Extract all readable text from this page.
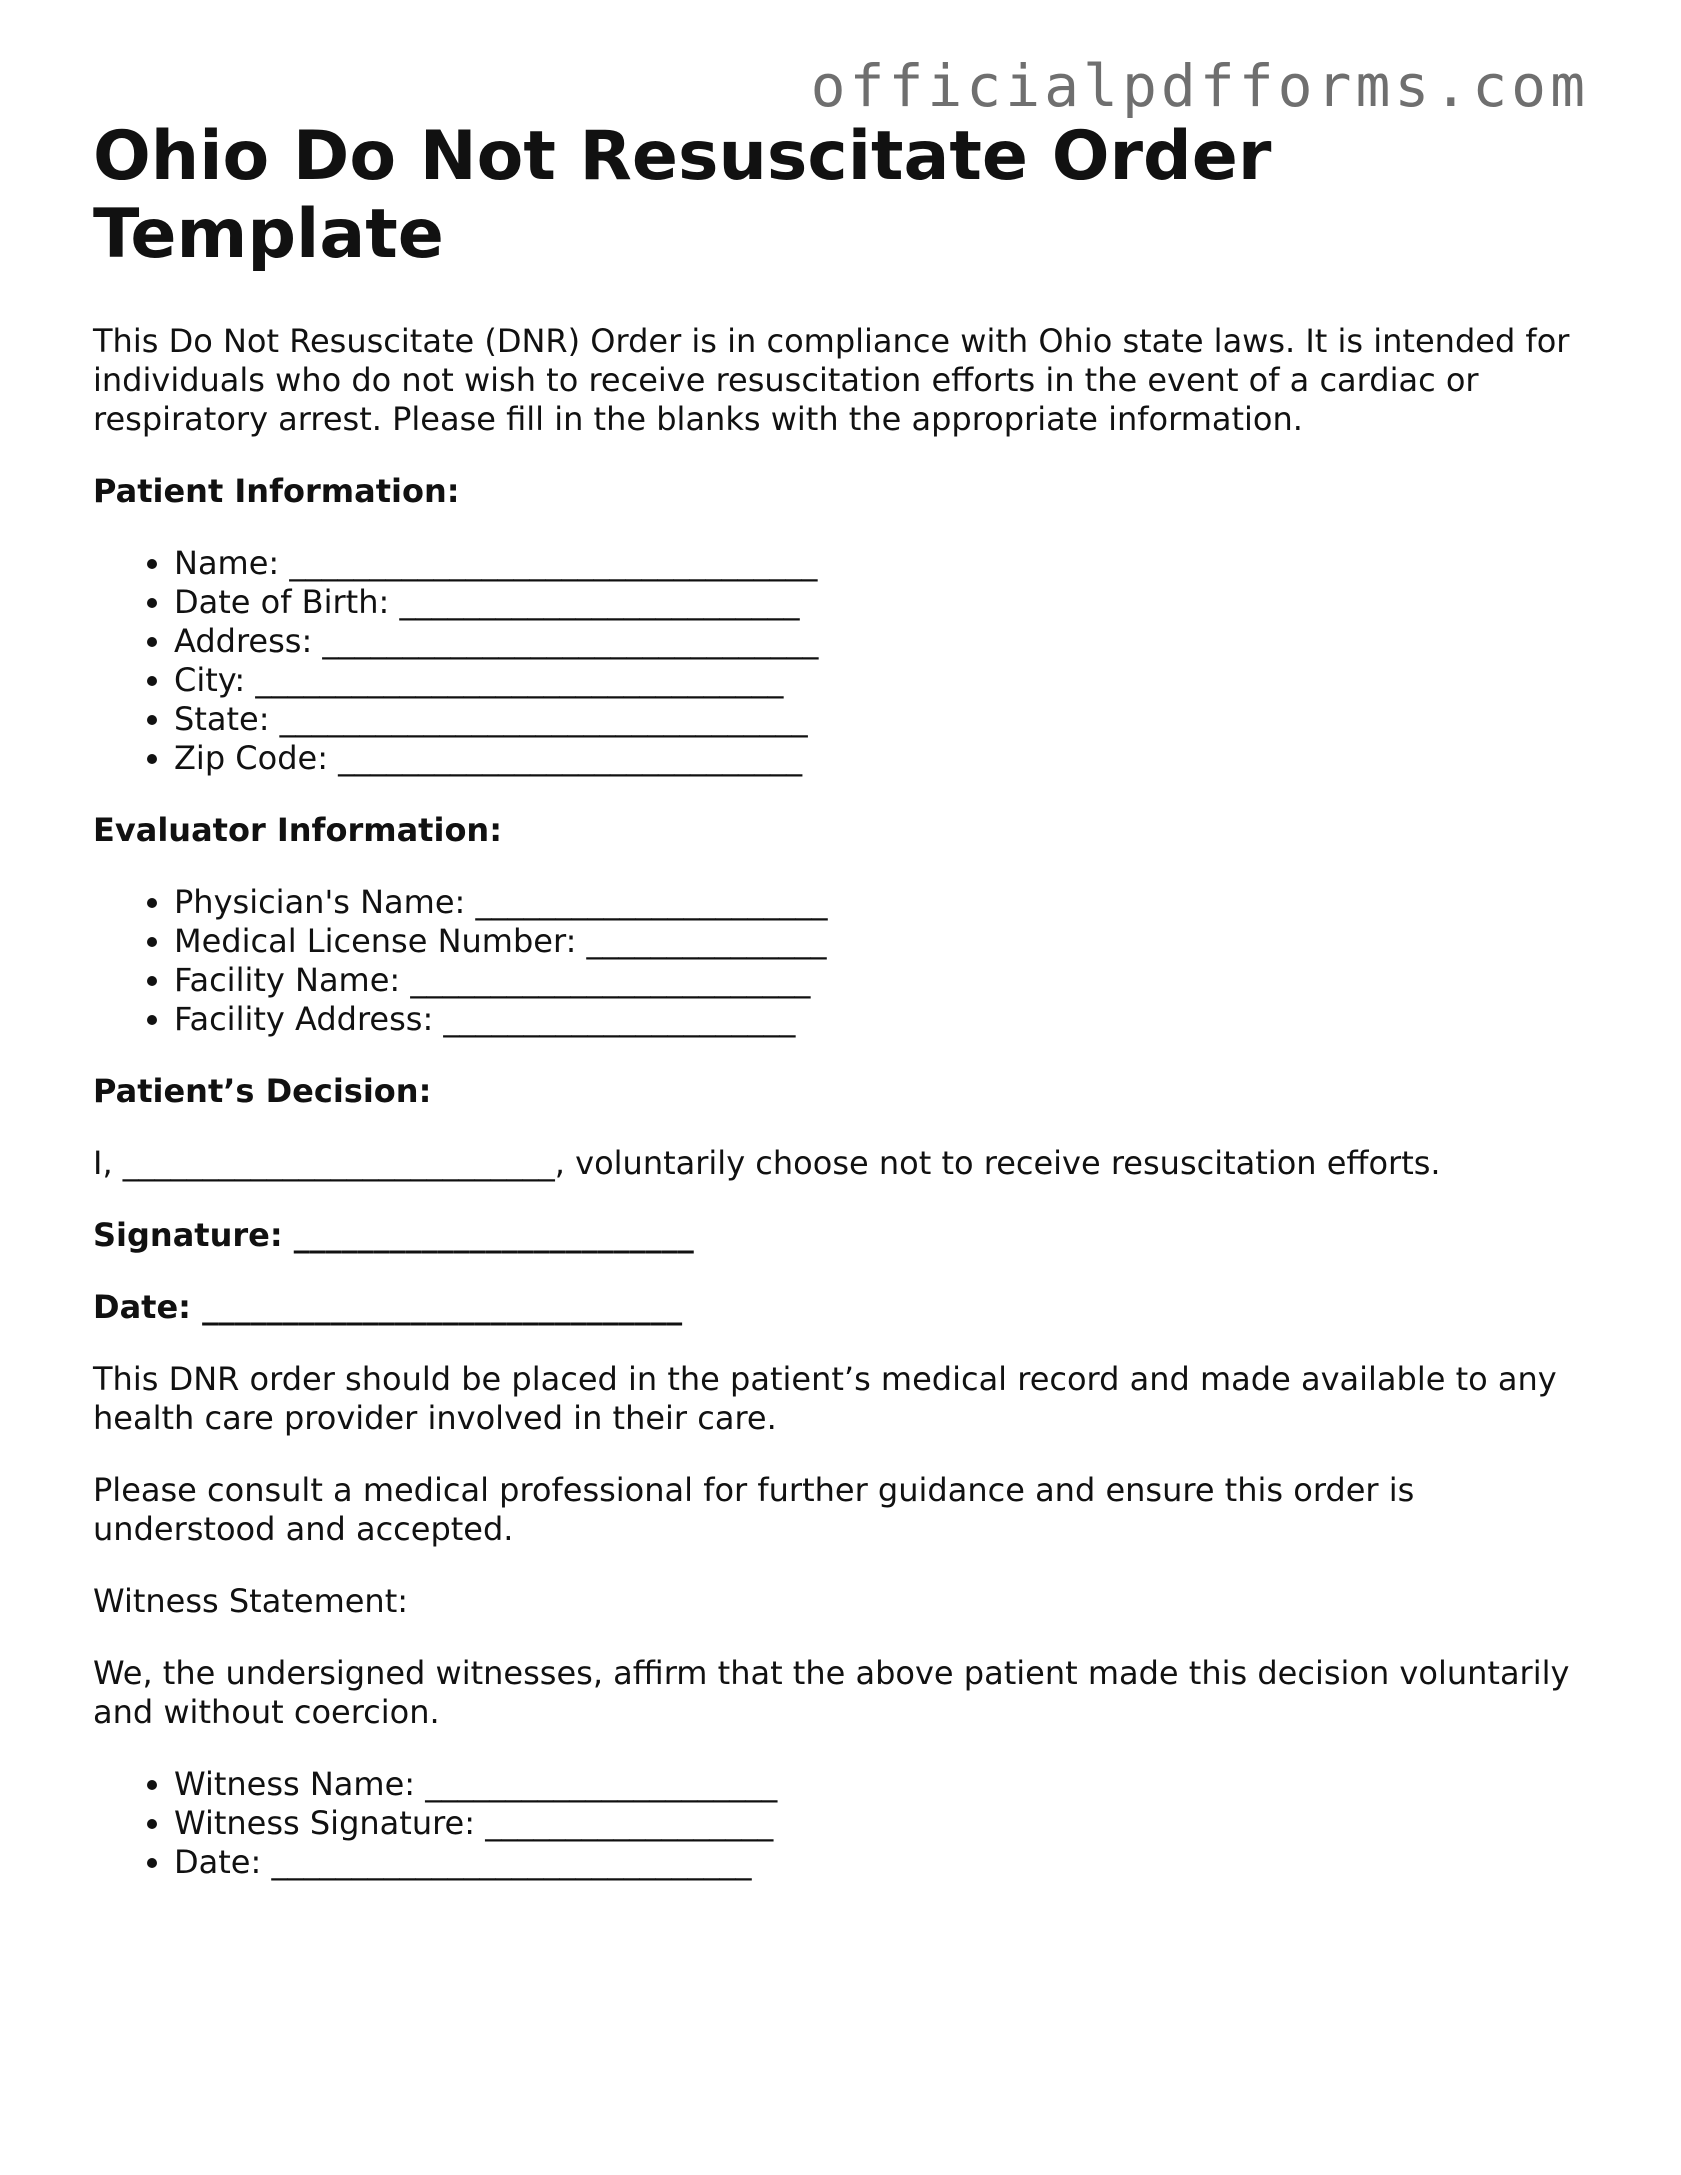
officialpdfforms.com
Ohio Do Not Resuscitate Order Template

This Do Not Resuscitate (DNR) Order is in compliance with Ohio state laws. It is intended for individuals who do not wish to receive resuscitation efforts in the event of a cardiac or respiratory arrest. Please fill in the blanks with the appropriate information.

Patient Information:
• Name: _________________________________
• Date of Birth: _________________________
• Address: _______________________________
• City: _________________________________
• State: _________________________________
• Zip Code: _____________________________
Evaluator Information:
• Physician's Name: ______________________
• Medical License Number: _______________
• Facility Name: _________________________
• Facility Address: ______________________
Patient’s Decision:

I, ___________________________, voluntarily choose not to receive resuscitation efforts.

Signature: _________________________
Date: ______________________________

This DNR order should be placed in the patient’s medical record and made available to any health care provider involved in their care.

Please consult a medical professional for further guidance and ensure this order is understood and accepted.

Witness Statement:

We, the undersigned witnesses, affirm that the above patient made this decision voluntarily and without coercion.

• Witness Name: ______________________
• Witness Signature: __________________
• Date: ______________________________
